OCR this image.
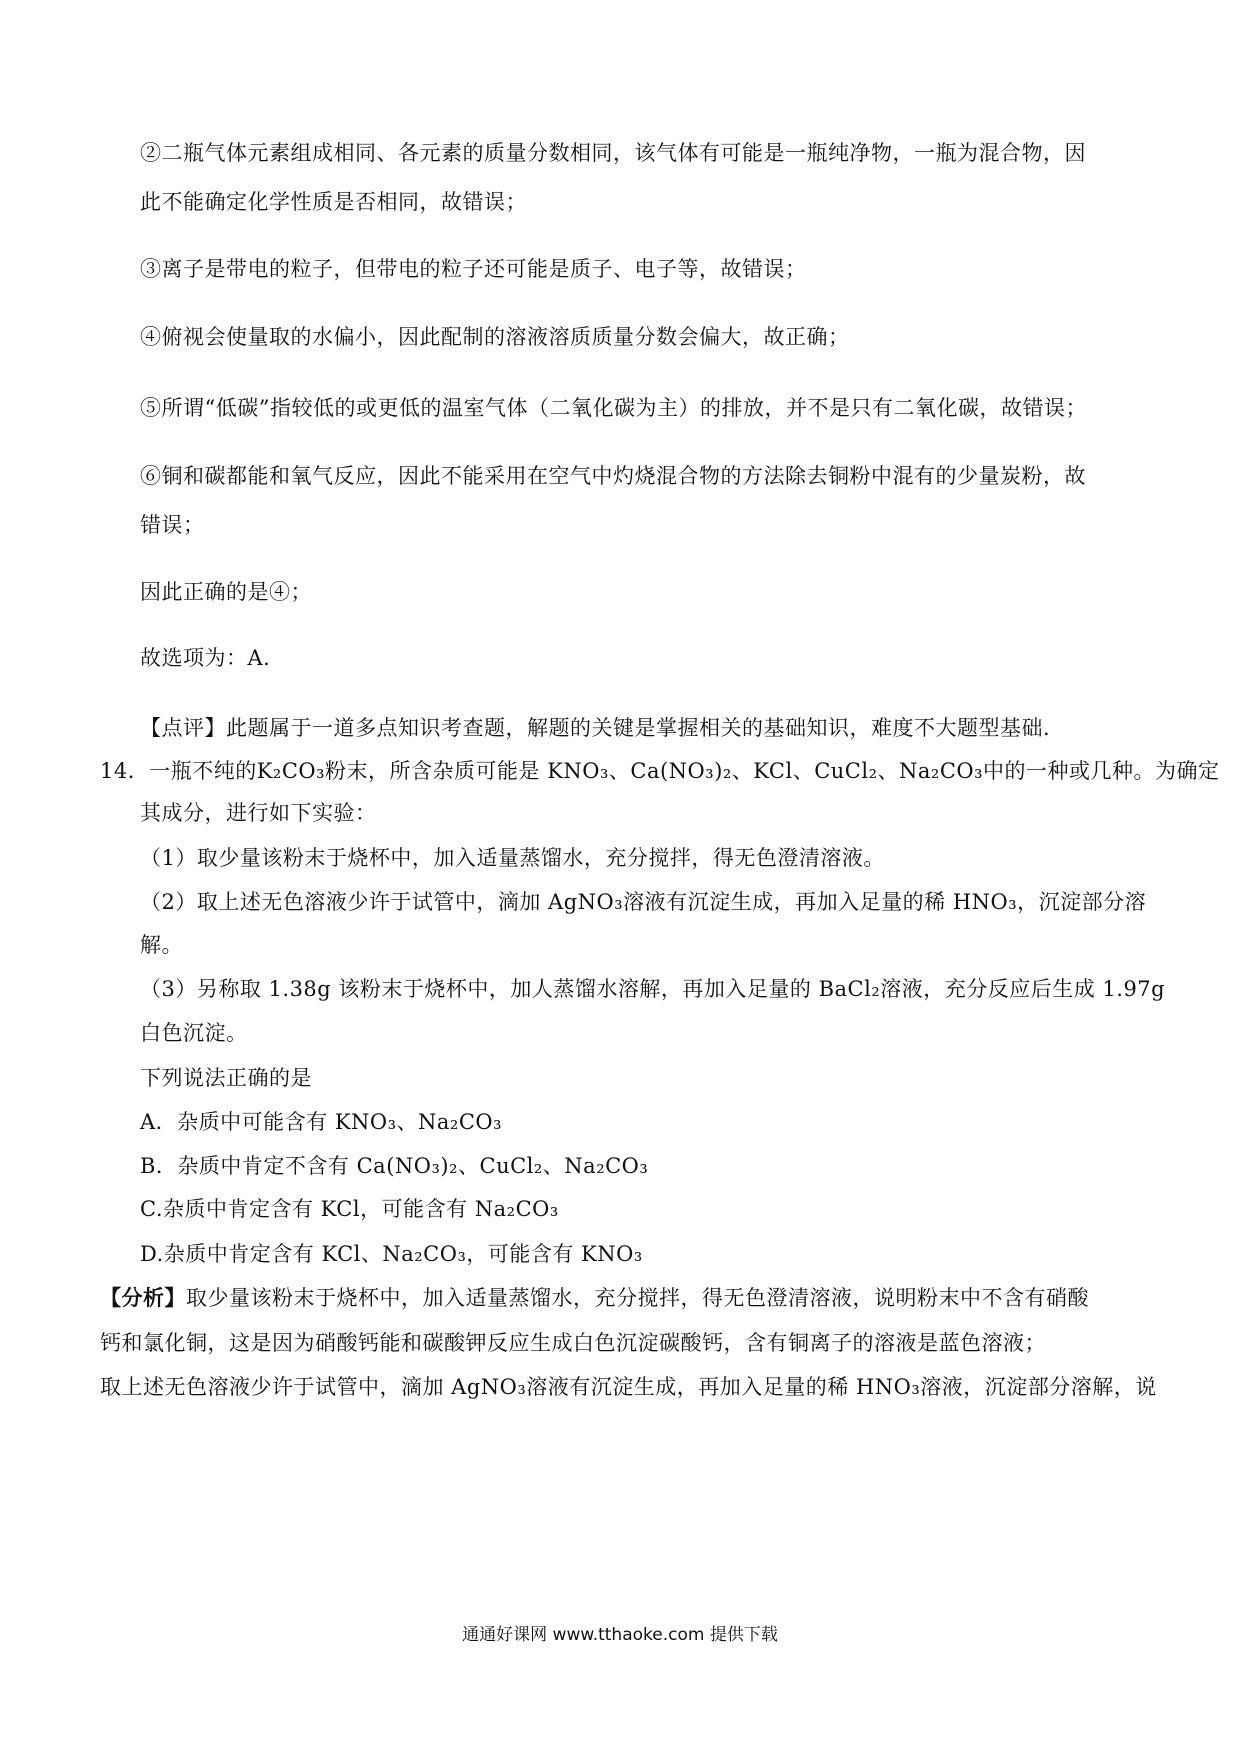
②二瓶气体元素组成相同、各元素的质量分数相同，该气体有可能是一瓶纯净物，一瓶为混合物，因
此不能确定化学性质是否相同，故错误；
③离子是带电的粒子，但带电的粒子还可能是质子、电子等，故错误；
④俯视会使量取的水偏小，因此配制的溶液溶质质量分数会偏大，故正确；
⑤所谓“低碳”指较低的或更低的温室气体（二氧化碳为主）的排放，并不是只有二氧化碳，故错误；
⑥铜和碳都能和氧气反应，因此不能采用在空气中灼烧混合物的方法除去铜粉中混有的少量炭粉，故
错误；
因此正确的是④；
故选项为：A.
【点评】此题属于一道多点知识考查题，解题的关键是掌握相关的基础知识，难度不大题型基础.
14．一瓶不纯的K₂CO₃粉末，所含杂质可能是 KNO₃、Ca(NO₃)₂、KCl、CuCl₂、Na₂CO₃中的一种或几种。为确定
其成分，进行如下实验：
（1）取少量该粉末于烧杯中，加入适量蒸馏水，充分搅拌，得无色澄清溶液。
（2）取上述无色溶液少许于试管中，滴加 AgNO₃溶液有沉淀生成，再加入足量的稀 HNO₃，沉淀部分溶
解。
（3）另称取 1.38g 该粉末于烧杯中，加人蒸馏水溶解，再加入足量的 BaCl₂溶液，充分反应后生成 1.97g
白色沉淀。
下列说法正确的是
A．杂质中可能含有 KNO₃、Na₂CO₃
B．杂质中肯定不含有 Ca(NO₃)₂、CuCl₂、Na₂CO₃
C.杂质中肯定含有 KCl，可能含有 Na₂CO₃
D.杂质中肯定含有 KCl、Na₂CO₃，可能含有 KNO₃
【分析】取少量该粉末于烧杯中，加入适量蒸馏水，充分搅拌，得无色澄清溶液，说明粉末中不含有硝酸
钙和氯化铜，这是因为硝酸钙能和碳酸钾反应生成白色沉淀碳酸钙，含有铜离子的溶液是蓝色溶液；
取上述无色溶液少许于试管中，滴加 AgNO₃溶液有沉淀生成，再加入足量的稀 HNO₃溶液，沉淀部分溶解，说
通通好课网 www.tthaoke.com 提供下载
